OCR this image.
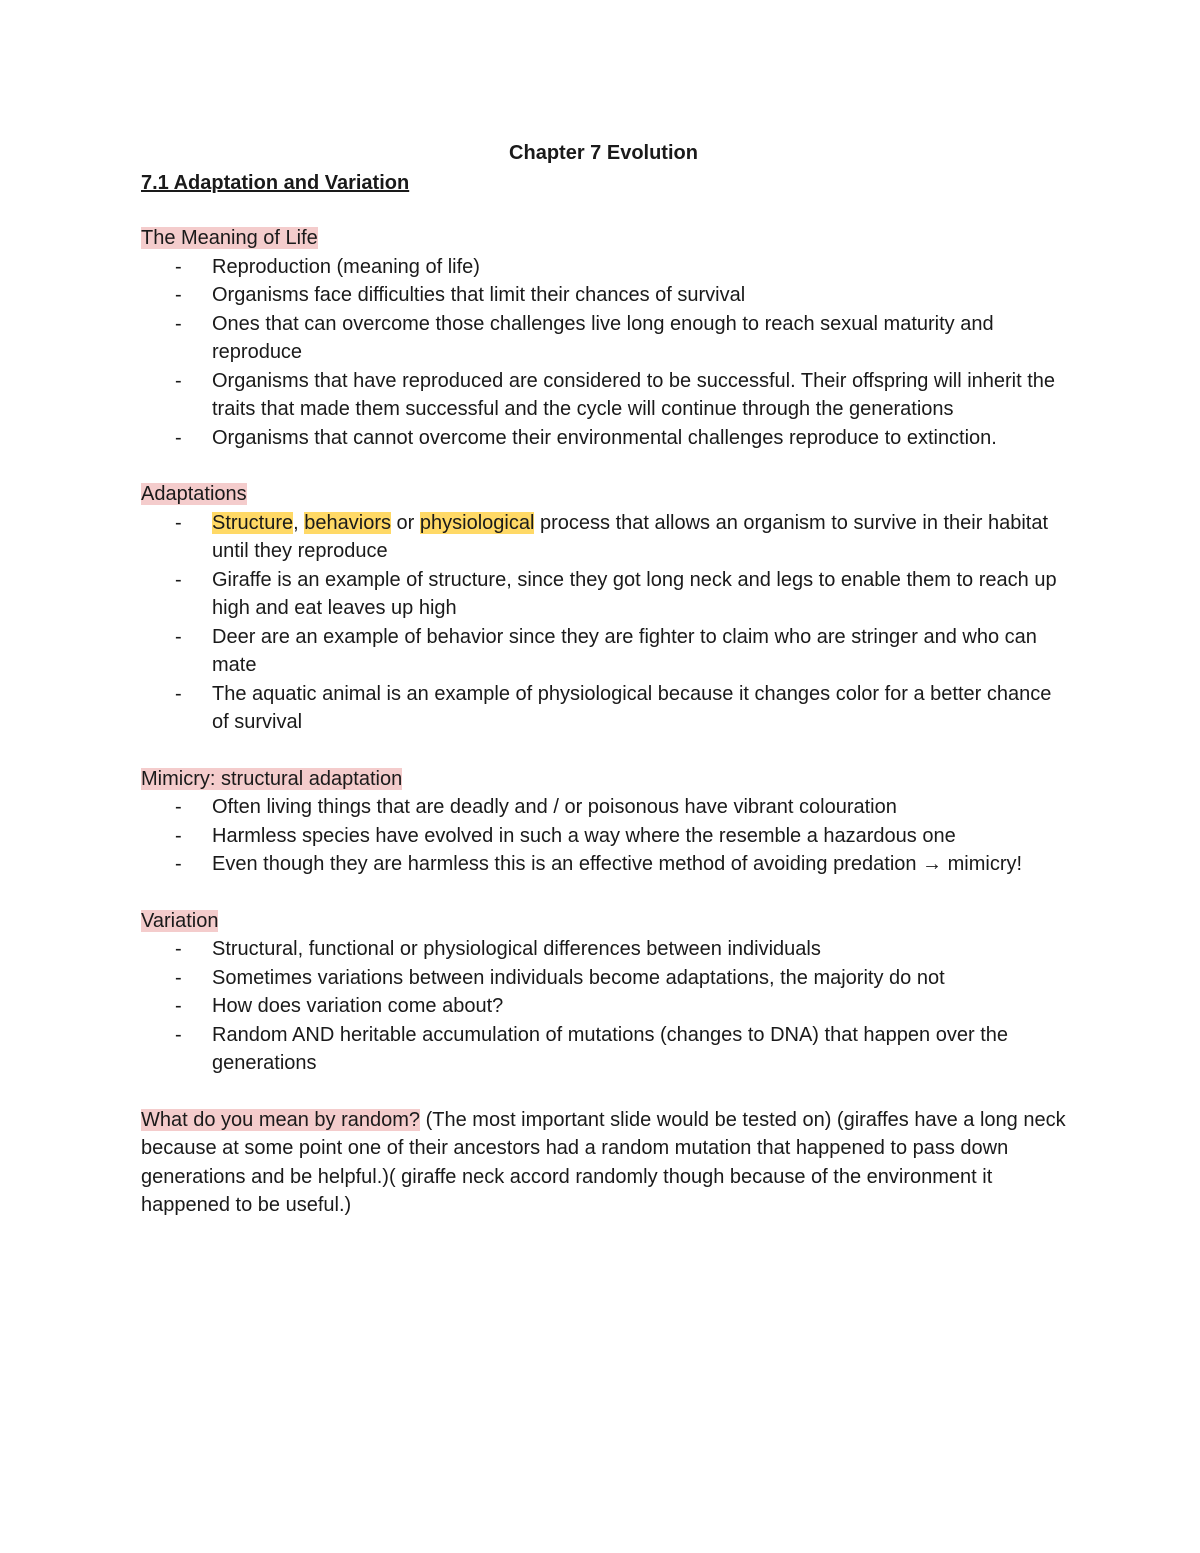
Chapter 7 Evolution
7.1 Adaptation and Variation

The Meaning of Life

- Reproduction (meaning of life)
- Organisms face difficulties that limit their chances of survival
- Ones that can overcome those challenges live long enough to reach sexual maturity and reproduce
- Organisms that have reproduced are considered to be successful. Their offspring will inherit the traits that made them successful and the cycle will continue through the generations
- Organisms that cannot overcome their environmental challenges reproduce to extinction.

Adaptations

- Structure, behaviors or physiological process that allows an organism to survive in their habitat until they reproduce
- Giraffe is an example of structure, since they got long neck and legs to enable them to reach up high and eat leaves up high
- Deer are an example of behavior since they are fighter to claim who are stringer and who can mate
- The aquatic animal is an example of physiological because it changes color for a better chance of survival

Mimicry: structural adaptation

- Often living things that are deadly and / or poisonous have vibrant colouration
- Harmless species have evolved in such a way where the resemble a hazardous one
- Even though they are harmless this is an effective method of avoiding predation → mimicry!

Variation

- Structural, functional or physiological differences between individuals
- Sometimes variations between individuals become adaptations, the majority do not
- How does variation come about?
- Random AND heritable accumulation of mutations (changes to DNA) that happen over the generations

What do you mean by random? (The most important slide would be tested on) (giraffes have a long neck because at some point one of their ancestors had a random mutation that happened to pass down generations and be helpful.)( giraffe neck accord randomly though because of the environment it happened to be useful.)
